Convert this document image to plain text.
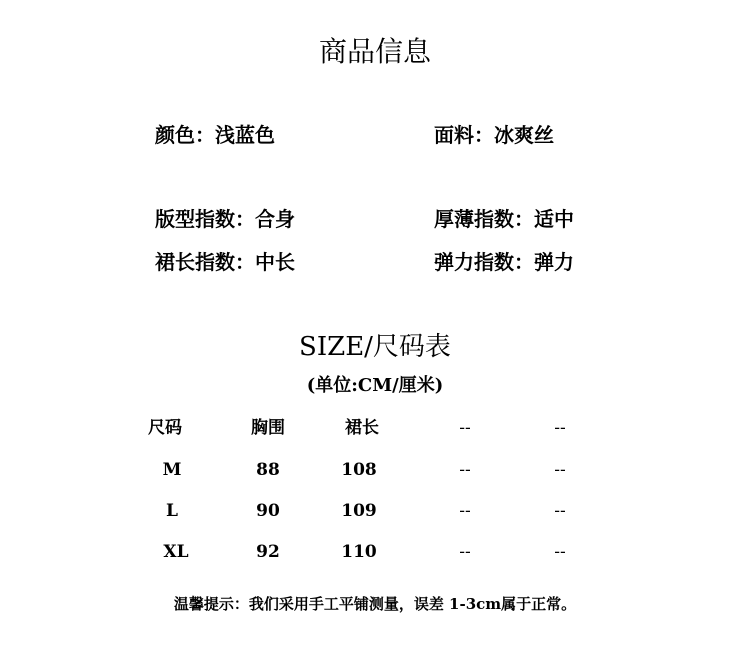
商品信息
颜色：浅蓝色	面料：冰爽丝
版型指数：合身	厚薄指数：适中
裙长指数：中长	弹力指数：弹力
SIZE/尺码表
(单位:CM/厘米)
尺码	胸围	裙长	--	--
M	88	108	--	--
L	90	109	--	--
XL	92	110	--	--
温馨提示：我们采用手工平铺测量，误差 1-3cm属于正常。
